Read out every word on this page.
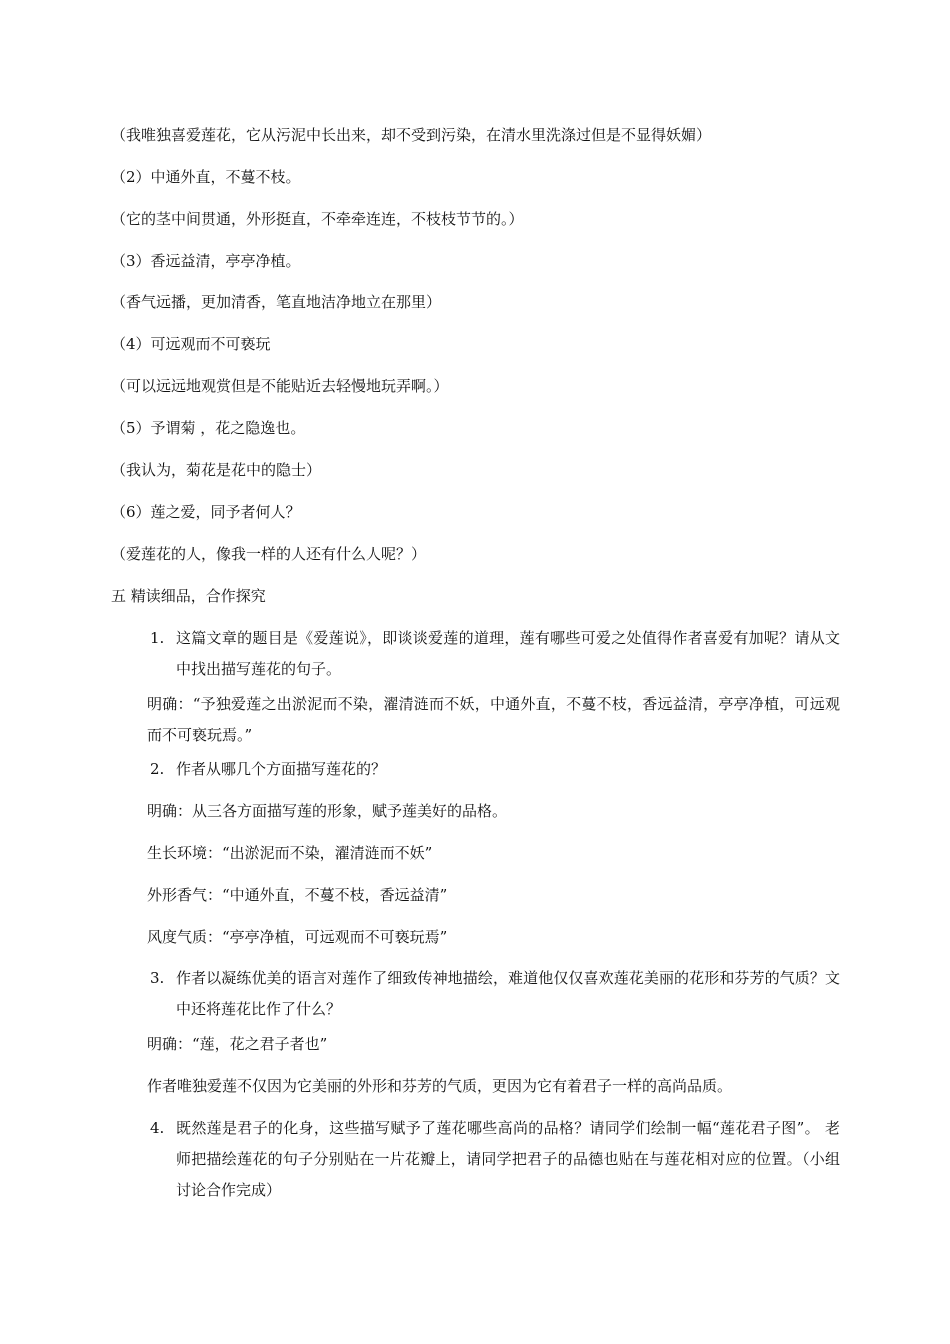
（我唯独喜爱莲花，它从污泥中长出来，却不受到污染，在清水里洗涤过但是不显得妖媚）
（2）中通外直，不蔓不枝。
（它的茎中间贯通，外形挺直，不牵牵连连，不枝枝节节的。）
（3）香远益清，亭亭净植。
（香气远播，更加清香，笔直地洁净地立在那里）
（4）可远观而不可亵玩
（可以远远地观赏但是不能贴近去轻慢地玩弄啊。）
（5）予谓菊 ，花之隐逸也。
（我认为，菊花是花中的隐士）
（6）莲之爱，同予者何人？
（爱莲花的人，像我一样的人还有什么人呢？）
五 精读细品，合作探究
1. 这篇文章的题目是《爱莲说》，即谈谈爱莲的道理，莲有哪些可爱之处值得作者喜爱有加呢？请从文中找出描写莲花的句子。
明确：“予独爱莲之出淤泥而不染，濯清涟而不妖，中通外直，不蔓不枝，香远益清，亭亭净植，可远观而不可亵玩焉。”
2. 作者从哪几个方面描写莲花的？
明确：从三各方面描写莲的形象，赋予莲美好的品格。
生长环境：“出淤泥而不染，濯清涟而不妖”
外形香气：“中通外直，不蔓不枝，香远益清”
风度气质：“亭亭净植，可远观而不可亵玩焉”
3. 作者以凝练优美的语言对莲作了细致传神地描绘，难道他仅仅喜欢莲花美丽的花形和芬芳的气质？文中还将莲花比作了什么？
明确：“莲，花之君子者也”
作者唯独爱莲不仅因为它美丽的外形和芬芳的气质，更因为它有着君子一样的高尚品质。
4. 既然莲是君子的化身，这些描写赋予了莲花哪些高尚的品格？请同学们绘制一幅“莲花君子图”。 老师把描绘莲花的句子分别贴在一片花瓣上，请同学把君子的品德也贴在与莲花相对应的位置。（小组讨论合作完成）
